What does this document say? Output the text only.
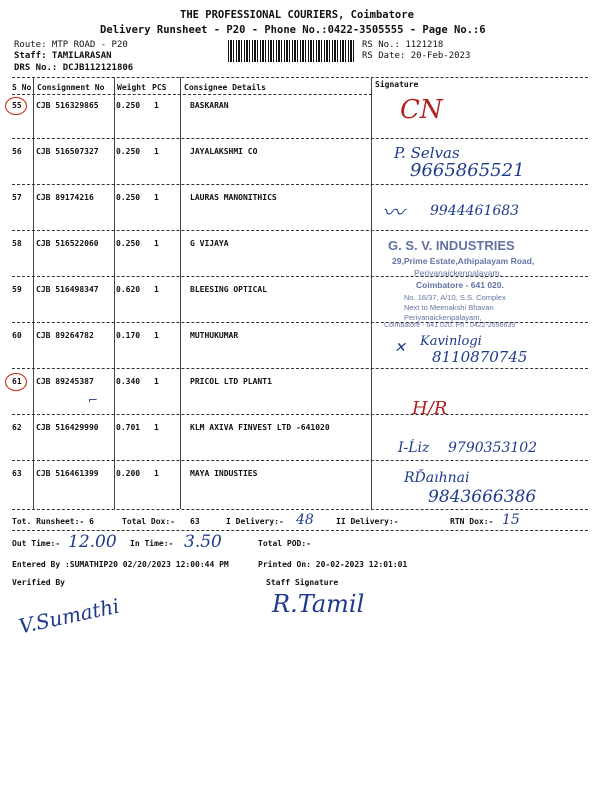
THE PROFESSIONAL COURIERS, Coimbatore
Delivery Runsheet - P20 - Phone No.:0422-3505555 - Page No.:6
Route: MTP ROAD - P20
Staff: TAMILARASAN
DRS No.: DCJB112121806
RS No.: 1121218
RS Date: 20-Feb-2023
S No Consignment No Weight PCS Consignee Details	Signature
55 CJB 516329865 0.250 1	BASKARAN	CN
56 CJB 516507327 0.250 1	JAYALAKSHMI CO	P. Selvas
9665865521
57 CJB 89174216	0.250 1	LAURAS MANONITHICS
〰 9944461683
58 CJB 516522060 0.250 1	G VIJAYA	G. S. V. INDUSTRIES
29,Prime Estate,Athipalayam Road,
Periyanaickenpalayam,
Coimbatore - 641 020.
59 CJB 516498347 0.620 1	BLEESING OPTICAL
No. 16/37, A/10, S.S. Complex
Next to Meenakshi Bhavan
Periyanaickenpalayam,
Coimbatore - 641 020. Ph : 0422-2696639
60 CJB 89264782	0.170 1	MUTHUKUMAR
✕ Kavinlogi
8110870745
61 CJB 89245387	0.340 1	PRICOL LTD PLANT1
⌐	H/R
62 CJB 516429990 0.701 1	KLM AXIVA FINVEST LTD -641020
I-Ĺiz 9790353102
63 CJB 516461399 0.200 1	MAYA INDUSTIES	RĎaıhnai
9843666386
Tot. Runsheet:- 6	Total Dox:- 63	I Delivery:- 48	II Delivery:-	RTN Dox:- 15
Out Time:- 12.00 In Time:- 3.50	Total POD:-
Entered By :SUMATHIP20 02/20/2023 12:00:44 PM	Printed On: 20-02-2023 12:01:01
Verified By	Staff Signature
V.Sumathi	R.Tamil
